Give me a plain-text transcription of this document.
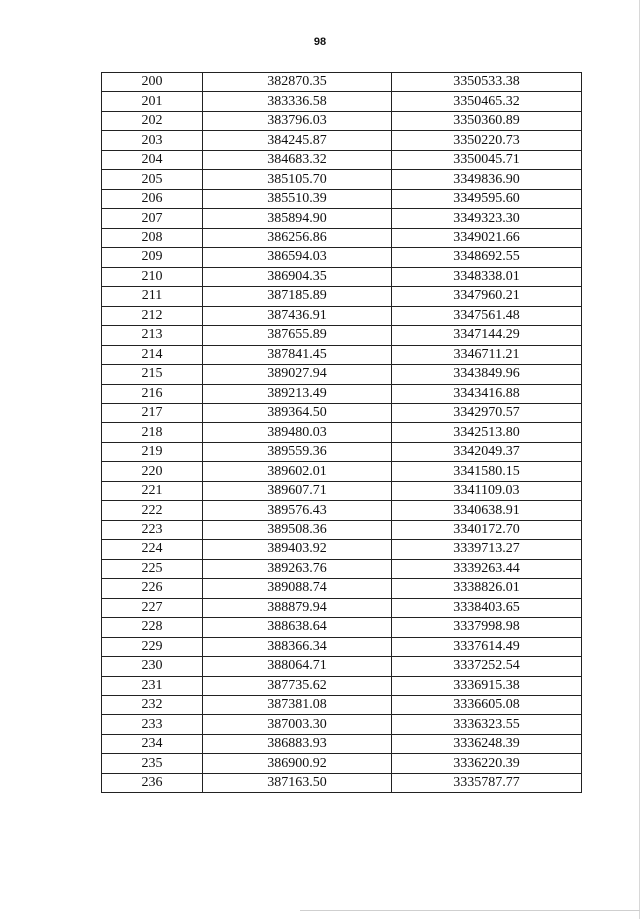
98
200	382870.35	3350533.38
201	383336.58	3350465.32
202	383796.03	3350360.89
203	384245.87	3350220.73
204	384683.32	3350045.71
205	385105.70	3349836.90
206	385510.39	3349595.60
207	385894.90	3349323.30
208	386256.86	3349021.66
209	386594.03	3348692.55
210	386904.35	3348338.01
211	387185.89	3347960.21
212	387436.91	3347561.48
213	387655.89	3347144.29
214	387841.45	3346711.21
215	389027.94	3343849.96
216	389213.49	3343416.88
217	389364.50	3342970.57
218	389480.03	3342513.80
219	389559.36	3342049.37
220	389602.01	3341580.15
221	389607.71	3341109.03
222	389576.43	3340638.91
223	389508.36	3340172.70
224	389403.92	3339713.27
225	389263.76	3339263.44
226	389088.74	3338826.01
227	388879.94	3338403.65
228	388638.64	3337998.98
229	388366.34	3337614.49
230	388064.71	3337252.54
231	387735.62	3336915.38
232	387381.08	3336605.08
233	387003.30	3336323.55
234	386883.93	3336248.39
235	386900.92	3336220.39
236	387163.50	3335787.77
